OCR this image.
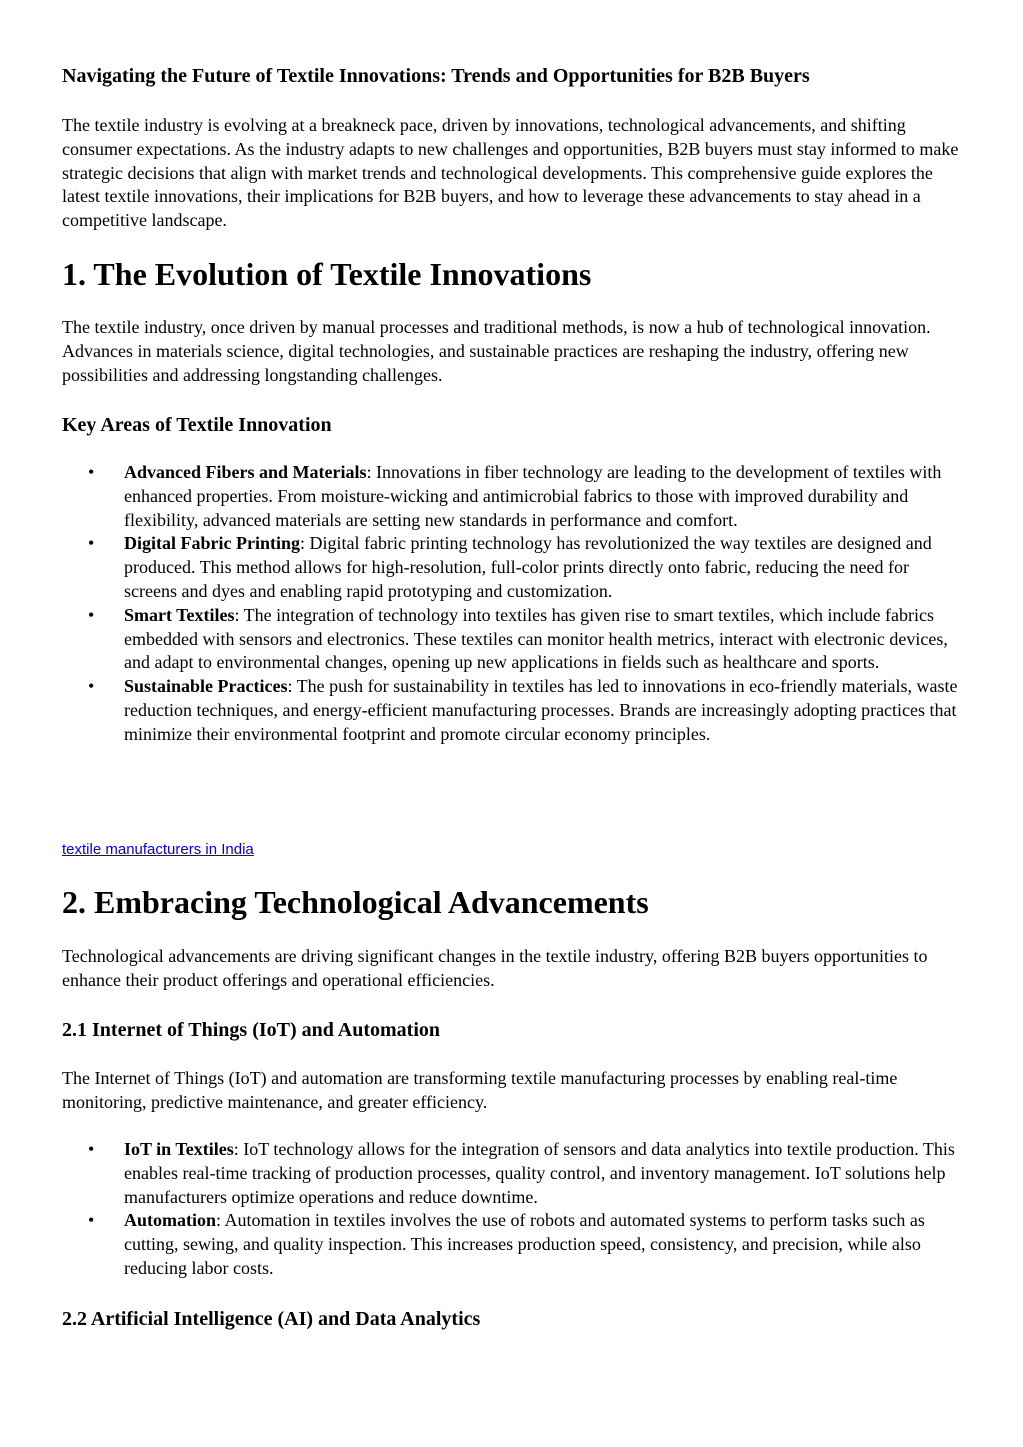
Navigating the Future of Textile Innovations: Trends and Opportunities for B2B Buyers

The textile industry is evolving at a breakneck pace, driven by innovations, technological advancements, and shifting consumer expectations. As the industry adapts to new challenges and opportunities, B2B buyers must stay informed to make strategic decisions that align with market trends and technological developments. This comprehensive guide explores the latest textile innovations, their implications for B2B buyers, and how to leverage these advancements to stay ahead in a competitive landscape.

1. The Evolution of Textile Innovations

The textile industry, once driven by manual processes and traditional methods, is now a hub of technological innovation. Advances in materials science, digital technologies, and sustainable practices are reshaping the industry, offering new possibilities and addressing longstanding challenges.

Key Areas of Textile Innovation
• Advanced Fibers and Materials: Innovations in fiber technology are leading to the development of textiles with enhanced properties. From moisture-wicking and antimicrobial fabrics to those with improved durability and flexibility, advanced materials are setting new standards in performance and comfort.
• Digital Fabric Printing: Digital fabric printing technology has revolutionized the way textiles are designed and produced. This method allows for high-resolution, full-color prints directly onto fabric, reducing the need for screens and dyes and enabling rapid prototyping and customization.
• Smart Textiles: The integration of technology into textiles has given rise to smart textiles, which include fabrics embedded with sensors and electronics. These textiles can monitor health metrics, interact with electronic devices, and adapt to environmental changes, opening up new applications in fields such as healthcare and sports.
• Sustainable Practices: The push for sustainability in textiles has led to innovations in eco-friendly materials, waste reduction techniques, and energy-efficient manufacturing processes. Brands are increasingly adopting practices that minimize their environmental footprint and promote circular economy principles.
textile manufacturers in India
2. Embracing Technological Advancements

Technological advancements are driving significant changes in the textile industry, offering B2B buyers opportunities to enhance their product offerings and operational efficiencies.

2.1 Internet of Things (IoT) and Automation

The Internet of Things (IoT) and automation are transforming textile manufacturing processes by enabling real-time monitoring, predictive maintenance, and greater efficiency.

• IoT in Textiles: IoT technology allows for the integration of sensors and data analytics into textile production. This enables real-time tracking of production processes, quality control, and inventory management. IoT solutions help manufacturers optimize operations and reduce downtime.
• Automation: Automation in textiles involves the use of robots and automated systems to perform tasks such as cutting, sewing, and quality inspection. This increases production speed, consistency, and precision, while also reducing labor costs.
2.2 Artificial Intelligence (AI) and Data Analytics
